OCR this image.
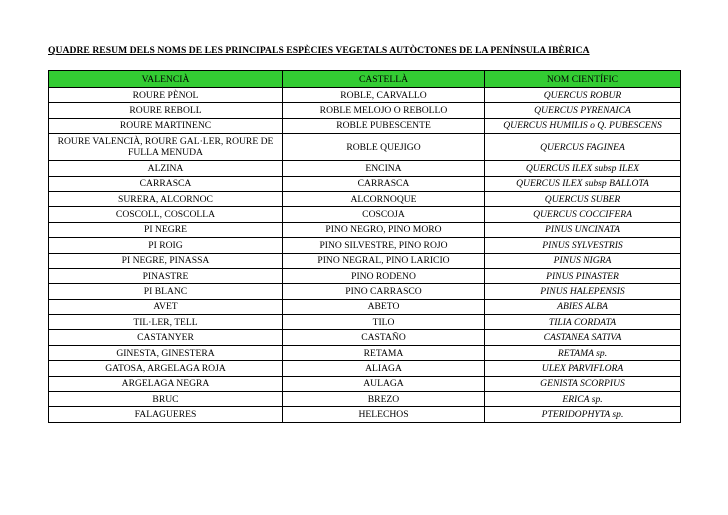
QUADRE RESUM DELS NOMS DE LES PRINCIPALS ESPÈCIES VEGETALS AUTÒCTONES DE LA PENÍNSULA IBÈRICA
VALENCIÀ	CASTELLÀ	NOM CIENTÍFIC
ROURE PÈNOL	ROBLE, CARVALLO	QUERCUS ROBUR
ROURE REBOLL	ROBLE MELOJO O REBOLLO	QUERCUS PYRENAICA
ROURE MARTINENC	ROBLE PUBESCENTE	QUERCUS HUMILIS o Q. PUBESCENS
ROURE VALENCIÀ, ROURE GAL·LER, ROURE DE FULLA MENUDA	ROBLE QUEJIGO	QUERCUS FAGINEA
ALZINA	ENCINA	QUERCUS ILEX subsp ILEX
CARRASCA	CARRASCA	QUERCUS ILEX subsp BALLOTA
SURERA, ALCORNOC	ALCORNOQUE	QUERCUS SUBER
COSCOLL, COSCOLLA	COSCOJA	QUERCUS COCCIFERA
PI NEGRE	PINO NEGRO, PINO MORO	PINUS UNCINATA
PI ROIG	PINO SILVESTRE, PINO ROJO	PINUS SYLVESTRIS
PI NEGRE, PINASSA	PINO NEGRAL, PINO LARICIO	PINUS NIGRA
PINASTRE	PINO RODENO	PINUS PINASTER
PI BLANC	PINO CARRASCO	PINUS HALEPENSIS
AVET	ABETO	ABIES ALBA
TIL·LER, TELL	TILO	TILIA CORDATA
CASTANYER	CASTAÑO	CASTANEA SATIVA
GINESTA, GINESTERA	RETAMA	RETAMA sp.
GATOSA, ARGELAGA ROJA	ALIAGA	ULEX PARVIFLORA
ARGELAGA NEGRA	AULAGA	GENISTA SCORPIUS
BRUC	BREZO	ERICA sp.
FALAGUERES	HELECHOS	PTERIDOPHYTA sp.
